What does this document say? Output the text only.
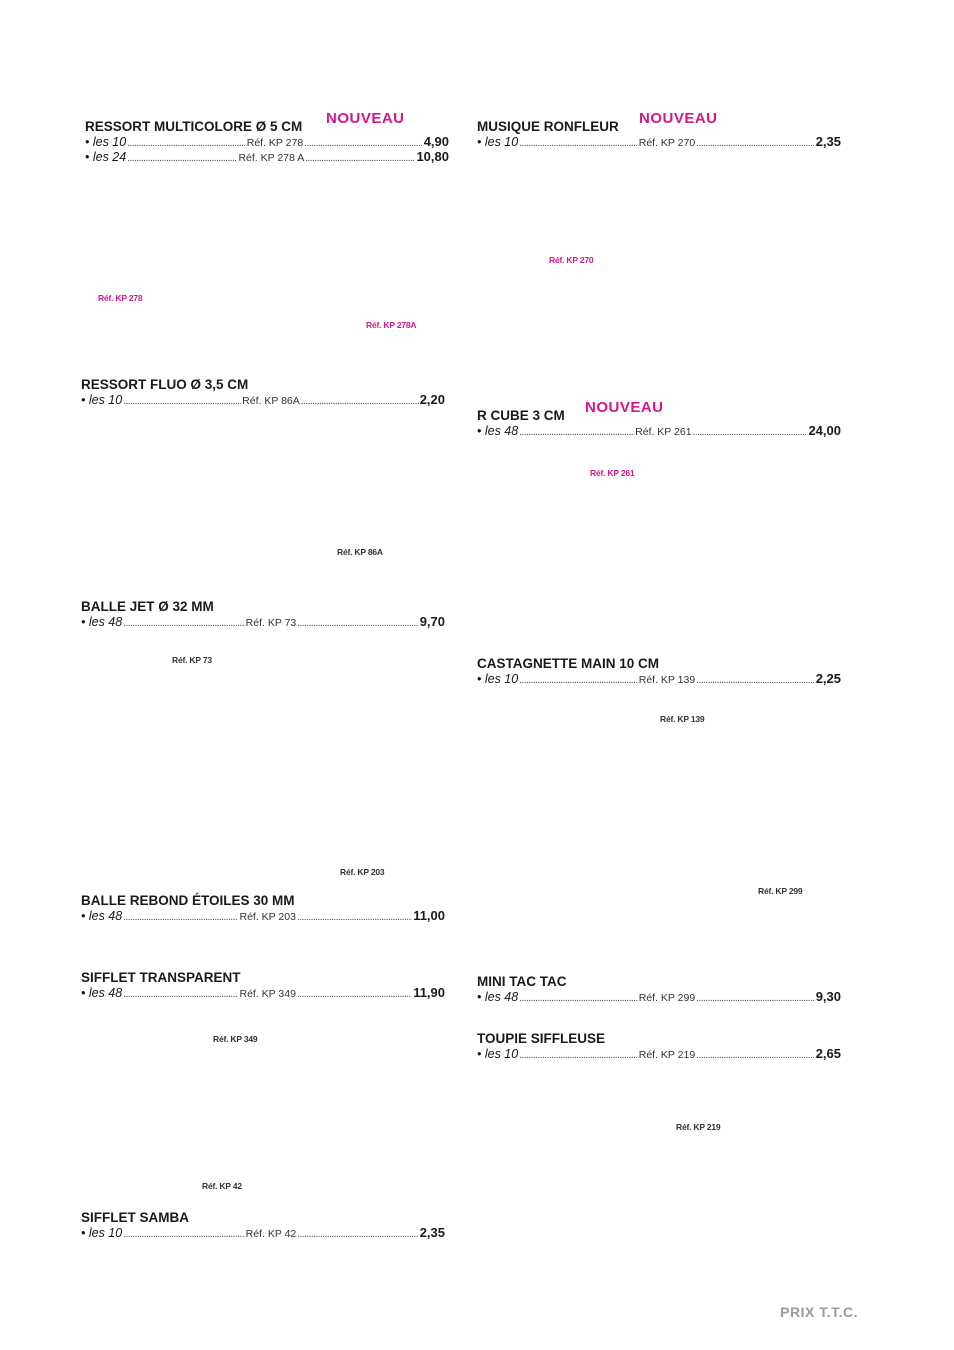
RESSORT MULTICOLORE Ø 5 CM
• les 10 .....	Réf. KP 278 .....	4,90
• les 24 .....	Réf. KP 278 A .....	10,80
NOUVEAU	MUSIQUE RONFLEUR
• les 10 .....	Réf. KP 270 .....	2,35
NOUVEAU
Réf. KP 270
Réf. KP 278
Réf. KP 278A
RESSORT FLUO Ø 3,5 CM
• les 10 .....	Réf. KP 86A .....	2,20
R CUBE 3 CM
• les 48 .....	Réf. KP 261 .....	24,00
NOUVEAU
Réf. KP 261
Réf. KP 86A
BALLE JET Ø 32 MM
• les 48 .....	Réf. KP 73 .....	9,70
Réf. KP 73	CASTAGNETTE MAIN 10 CM
• les 10 .....	Réf. KP 139 .....	2,25
Réf. KP 139
Réf. KP 203
Réf. KP 299
BALLE REBOND ÉTOILES 30 MM
• les 48 .....	Réf. KP 203 .....	11,00
SIFFLET TRANSPARENT
• les 48 .....	Réf. KP 349 .....	11,90
MINI TAC TAC
• les 48 .....	Réf. KP 299 .....	9,30
Réf. KP 349	TOUPIE SIFFLEUSE
• les 10 .....	Réf. KP 219 .....	2,65
Réf. KP 219
Réf. KP 42
SIFFLET SAMBA
• les 10 .....	Réf. KP 42 .....	2,35
PRIX T.T.C.
